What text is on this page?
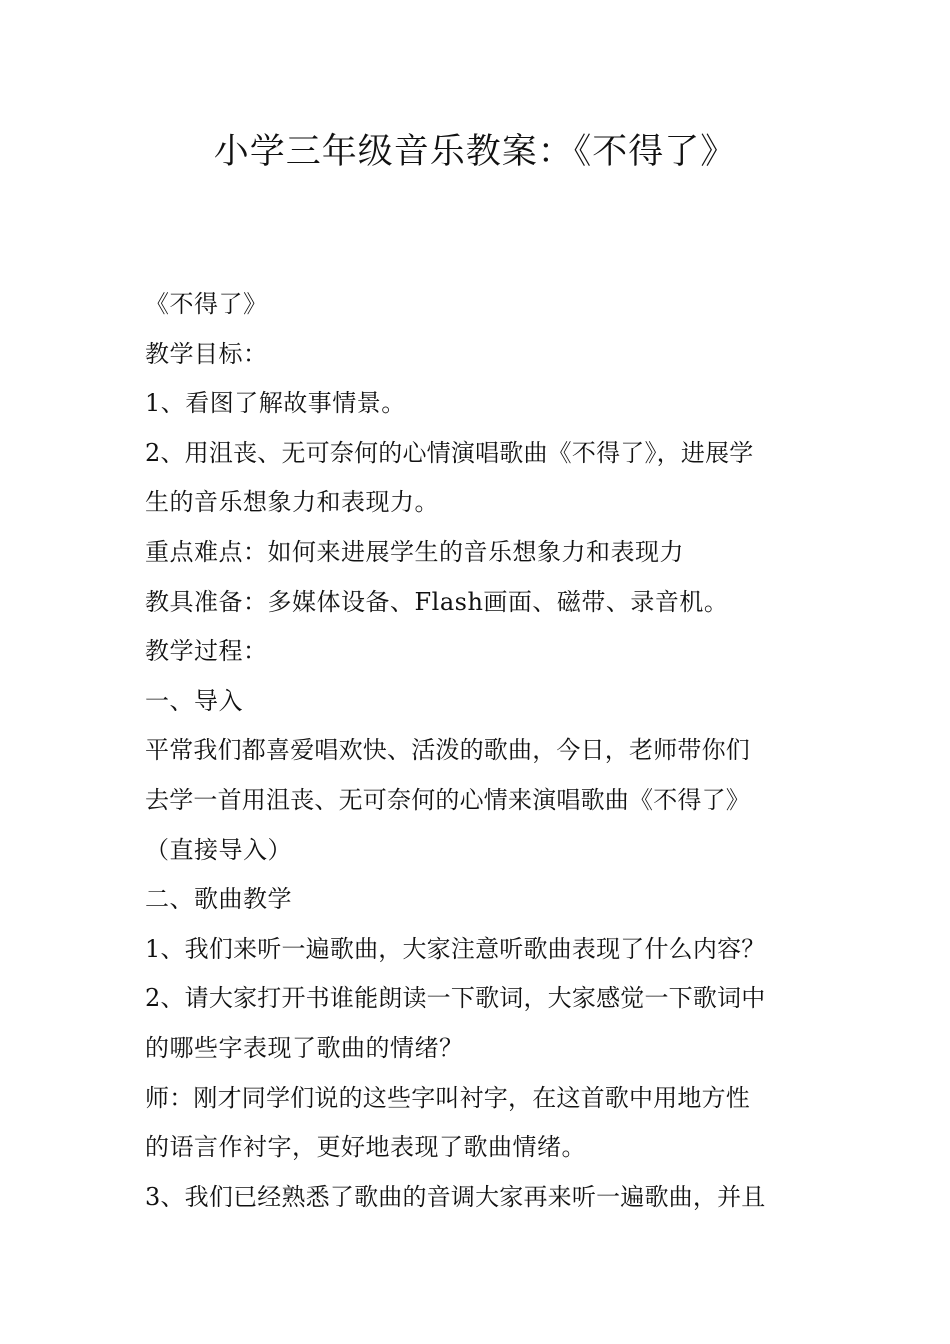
小学三年级音乐教案：《不得了》
《不得了》
教学目标：
1、看图了解故事情景。
2、用沮丧、无可奈何的心情演唱歌曲《不得了》，进展学
生的音乐想象力和表现力。
重点难点：如何来进展学生的音乐想象力和表现力
教具准备：多媒体设备、Flash画面、磁带、录音机。
教学过程：
一、导入
平常我们都喜爱唱欢快、活泼的歌曲，今日，老师带你们
去学一首用沮丧、无可奈何的心情来演唱歌曲《不得了》
（直接导入）
二、歌曲教学
1、我们来听一遍歌曲，大家注意听歌曲表现了什么内容？
2、请大家打开书谁能朗读一下歌词，大家感觉一下歌词中
的哪些字表现了歌曲的情绪？
师：刚才同学们说的这些字叫衬字，在这首歌中用地方性
的语言作衬字，更好地表现了歌曲情绪。
3、我们已经熟悉了歌曲的音调大家再来听一遍歌曲，并且
